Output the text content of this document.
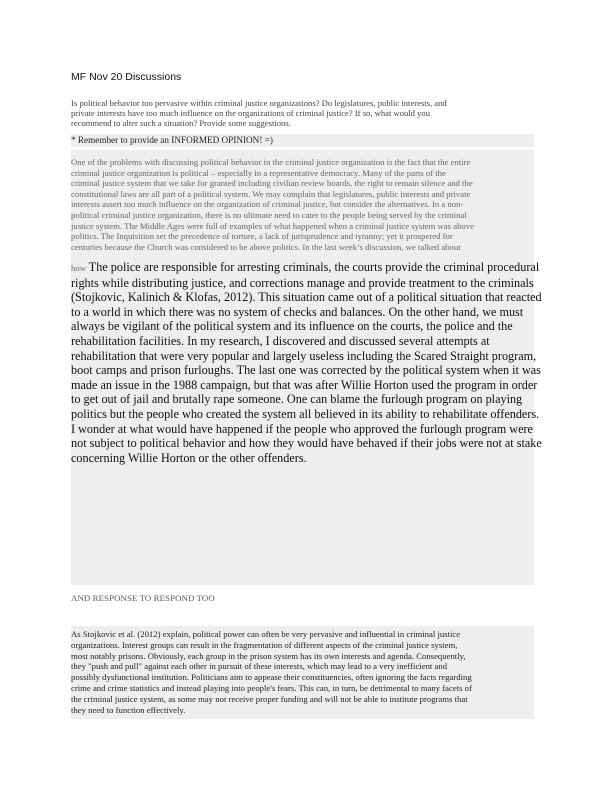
MF Nov 20 Discussions
Is political behavior too pervasive within criminal justice organizations? Do legislatures, public interests, and
private interests have too much influence on the organizations of criminal justice? If so, what would you
recommend to alter such a situation? Provide some suggestions.
* Remember to provide an INFORMED OPINION! =)
One of the problems with discussing political behavior in the criminal justice organization is the fact that the entire
criminal justice organization is political – especially in a representative democracy. Many of the parts of the
criminal justice system that we take for granted including civilian review boards, the right to remain silence and the
constitutional laws are all part of a political system. We may complain that legislatures, public interests and private
interests assert too much influence on the organization of criminal justice, but consider the alternatives. In a non-
political criminal justice organization, there is no ultimate need to cater to the people being served by the criminal
justice system. The Middle Ages were full of examples of what happened when a criminal justice system was above
politics. The Inquisition set the precedence of torture, a lack of jurisprudence and tyranny; yet it prospered for
centuries because the Church was considered to be above politics. In the last week’s discussion, we talked about
how The police are responsible for arresting criminals, the courts provide the criminal procedural
rights while distributing justice, and corrections manage and provide treatment to the criminals
(Stojkovic, Kalinich & Klofas, 2012). This situation came out of a political situation that reacted
to a world in which there was no system of checks and balances. On the other hand, we must
always be vigilant of the political system and its influence on the courts, the police and the
rehabilitation facilities. In my research, I discovered and discussed several attempts at
rehabilitation that were very popular and largely useless including the Scared Straight program,
boot camps and prison furloughs. The last one was corrected by the political system when it was
made an issue in the 1988 campaign, but that was after Willie Horton used the program in order
to get out of jail and brutally rape someone. One can blame the furlough program on playing
politics but the people who created the system all believed in its ability to rehabilitate offenders.
I wonder at what would have happened if the people who approved the furlough program were
not subject to political behavior and how they would have behaved if their jobs were not at stake
concerning Willie Horton or the other offenders.
AND RESPONSE TO RESPOND TOO
As Stojkovic et al. (2012) explain, political power can often be very pervasive and influential in criminal justice
organizations. Interest groups can result in the fragmentation of different aspects of the criminal justice system,
most notably prisons. Obviously, each group in the prison system has its own interests and agenda. Consequently,
they "push and pull" against each other in pursuit of these interests, which may lead to a very inefficient and
possibly dysfunctional institution. Politicians aim to appease their constituencies, often ignoring the facts regarding
crime and crime statistics and instead playing into people's fears. This can, in turn, be detrimental to many facets of
the criminal justice system, as some may not receive proper funding and will not be able to institute programs that
they need to function effectively.
